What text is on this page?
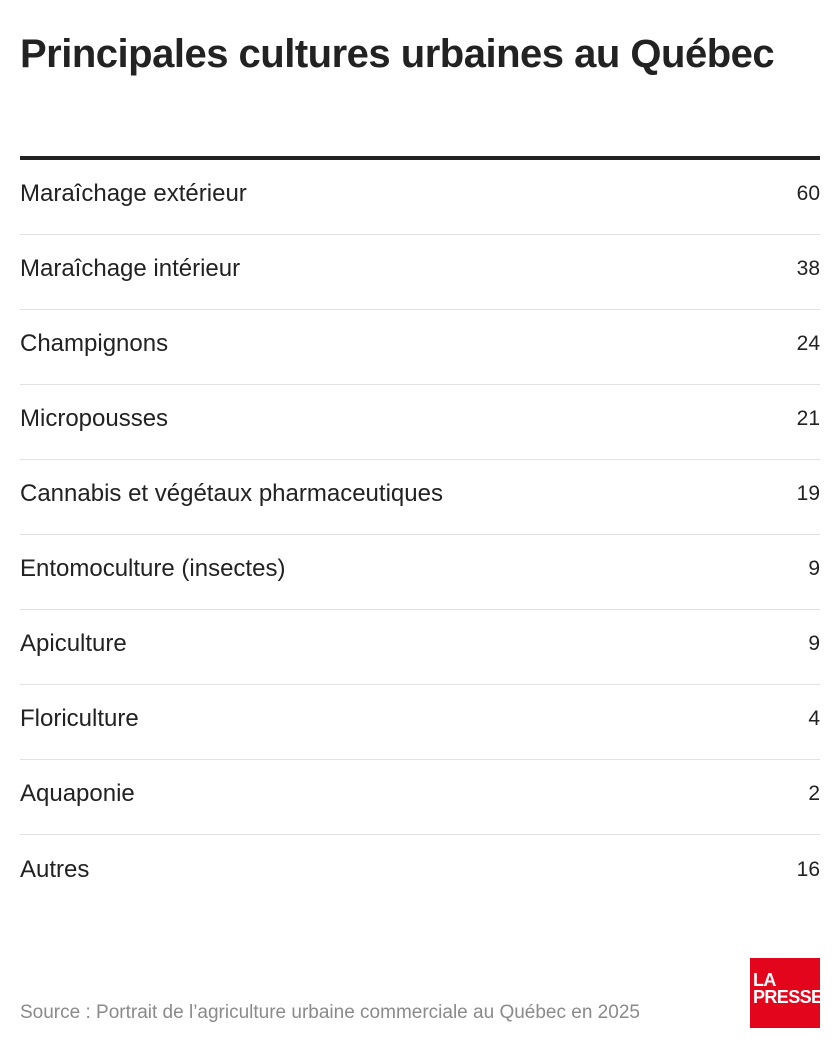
Principales cultures urbaines au Québec
Maraîchage extérieur	60
Maraîchage intérieur	38
Champignons	24
Micropousses	21
Cannabis et végétaux pharmaceutiques	19
Entomoculture (insectes)	9
Apiculture	9
Floriculture	4
Aquaponie	2
Autres	16
Source : Portrait de l’agriculture urbaine commerciale au Québec en 2025
LA
PRESSE
